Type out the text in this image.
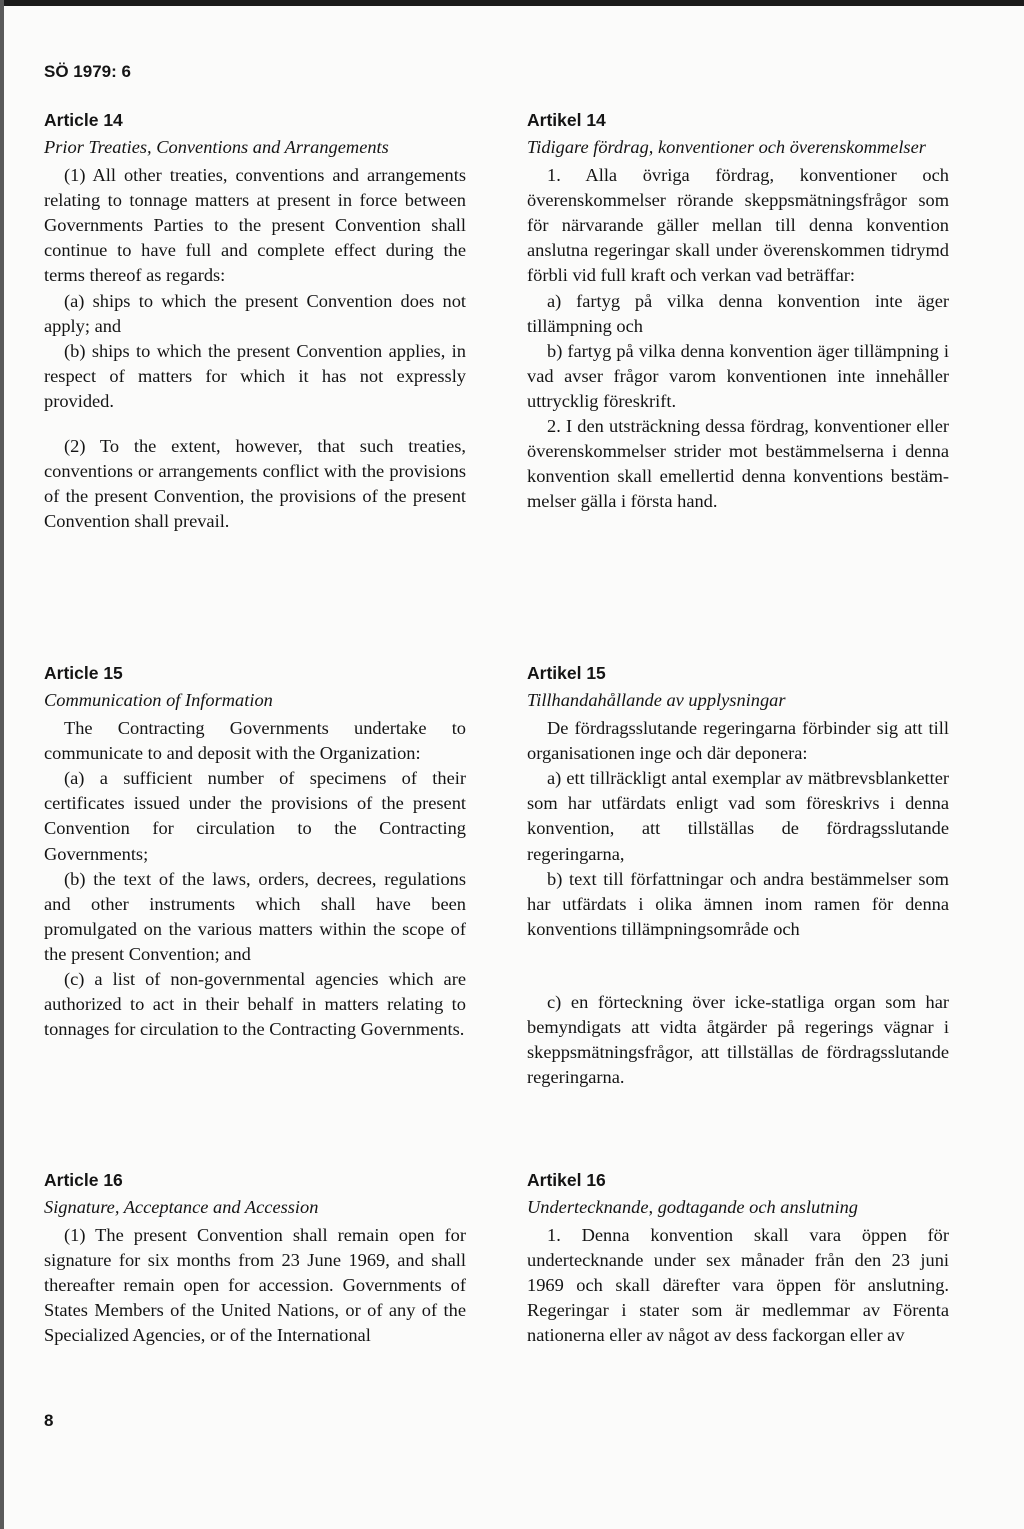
SÖ 1979: 6
Article 14
Prior Treaties, Conventions and Arrangements

(1) All other treaties, conventions and arrangements relating to tonnage matters at present in force between Governments Parties to the present Convention shall continue to have full and complete effect during the terms thereof as regards:

(a) ships to which the present Convention does not apply; and

(b) ships to which the present Convention applies, in respect of matters for which it has not expressly provided.

(2) To the extent, however, that such treaties, conventions or arrangements conflict with the provisions of the present Convention, the provisions of the present Convention shall prevail.

Article 15
Communication of Information

The Contracting Governments undertake to communicate to and deposit with the Organization:

(a) a sufficient number of specimens of their certificates issued under the provisions of the present Convention for circulation to the Contracting Governments;

(b) the text of the laws, orders, decrees, regulations and other instruments which shall have been promulgated on the various matters within the scope of the present Convention; and

(c) a list of non-governmental agencies which are authorized to act in their behalf in matters relating to tonnages for circulation to the Contracting Governments.

Article 16
Signature, Acceptance and Accession

(1) The present Convention shall remain open for signature for six months from 23 June 1969, and shall thereafter remain open for accession. Governments of States Members of the United Nations, or of any of the Specialized Agencies, or of the International

Artikel 14
Tidigare fördrag, konventioner och överenskommelser

1. Alla övriga fördrag, konventioner och överenskommelser rörande skeppsmätningsfrågor som för närvarande gäller mellan till denna konvention anslutna regeringar skall under överenskommen tidrymd förbli vid full kraft och verkan vad beträffar:

a) fartyg på vilka denna konvention inte äger tillämpning och

b) fartyg på vilka denna konvention äger tillämpning i vad avser frågor varom konventionen inte innehåller uttrycklig föreskrift.

2. I den utsträckning dessa fördrag, konventioner eller överenskommelser strider mot bestämmelserna i denna konvention skall emellertid denna konventions bestämmelser gälla i första hand.

Artikel 15
Tillhandahållande av upplysningar

De fördragsslutande regeringarna förbinder sig att till organisationen inge och där deponera:

a) ett tillräckligt antal exemplar av mätbrevsblanketter som har utfärdats enligt vad som föreskrivs i denna konvention, att tillställas de fördragsslutande regeringarna,

b) text till författningar och andra bestämmelser som har utfärdats i olika ämnen inom ramen för denna konventions tillämpningsområde och

c) en förteckning över icke-statliga organ som har bemyndigats att vidta åtgärder på regerings vägnar i skeppsmätningsfrågor, att tillställas de fördragsslutande regeringarna.

Artikel 16
Undertecknande, godtagande och anslutning

1. Denna konvention skall vara öppen för undertecknande under sex månader från den 23 juni 1969 och skall därefter vara öppen för anslutning. Regeringar i stater som är medlemmar av Förenta nationerna eller av något av dess fackorgan eller av

8
